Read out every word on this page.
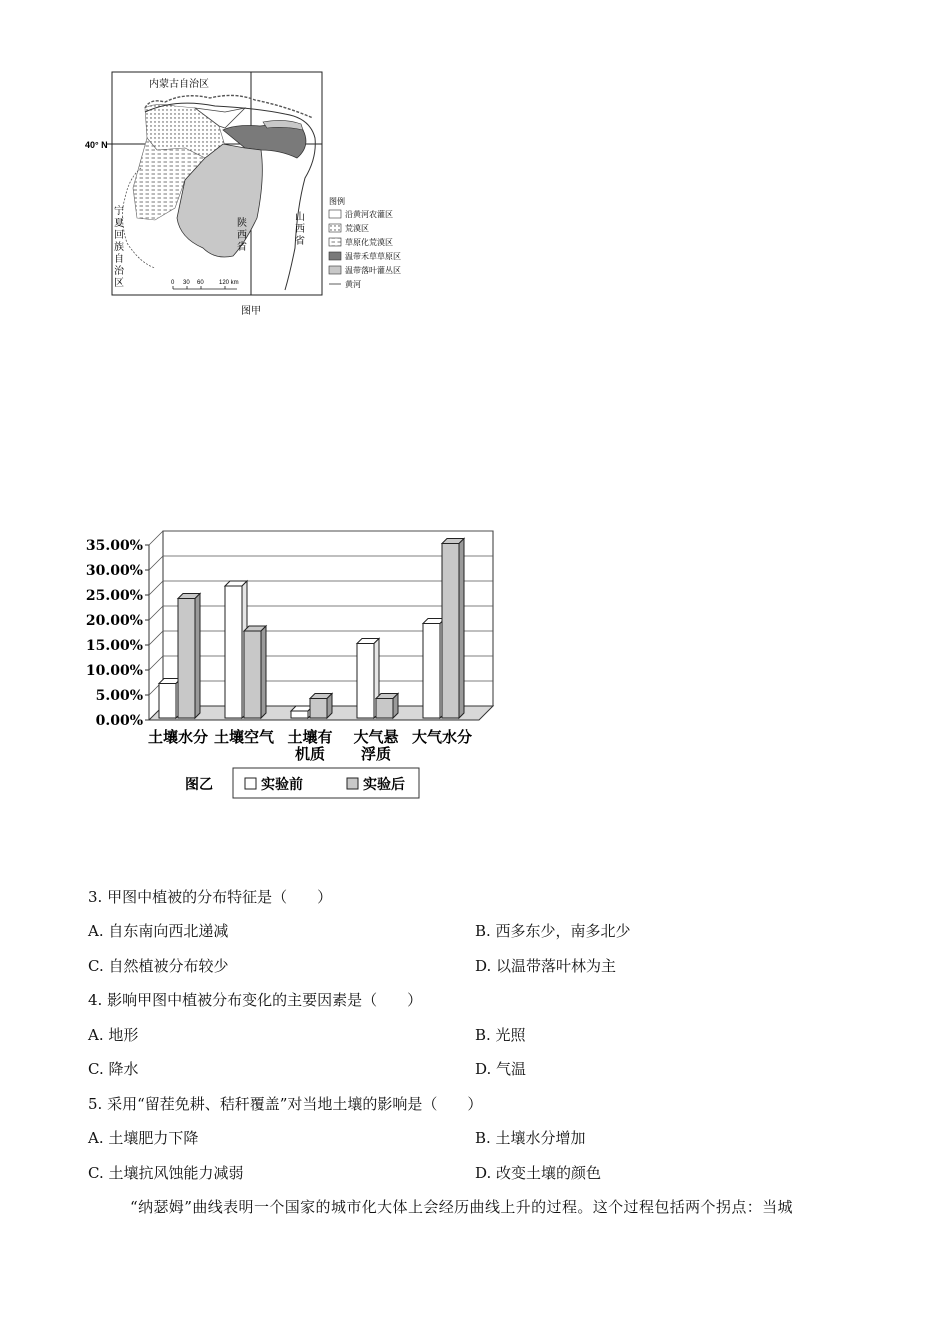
内蒙古自治区
40° N
宁
夏
回
族
自
治
区
陕
西
省
山
西
省
0 30 60	120 km
图例
沿黄河农灌区
荒漠区
草原化荒漠区
温带禾草草原区
温带落叶灌丛区
黄河
图甲
0.00%
5.00%
10.00%
15.00%
20.00%
25.00%
30.00%
35.00%
土壤水分 土壤空气 土壤有
机质
大气悬
浮质
大气水分
图乙	实验前	实验后
3. 甲图中植被的分布特征是（　　）
A. 自东南向西北递减	B. 西多东少，南多北少
C. 自然植被分布较少	D. 以温带落叶林为主
4. 影响甲图中植被分布变化的主要因素是（　　）
A. 地形	B. 光照
C. 降水	D. 气温
5. 采用“留茬免耕、秸秆覆盖”对当地土壤的影响是（　　）
A. 土壤肥力下降	B. 土壤水分增加
C. 土壤抗风蚀能力减弱	D. 改变土壤的颜色
“纳瑟姆”曲线表明一个国家的城市化大体上会经历曲线上升的过程。这个过程包括两个拐点：当城
